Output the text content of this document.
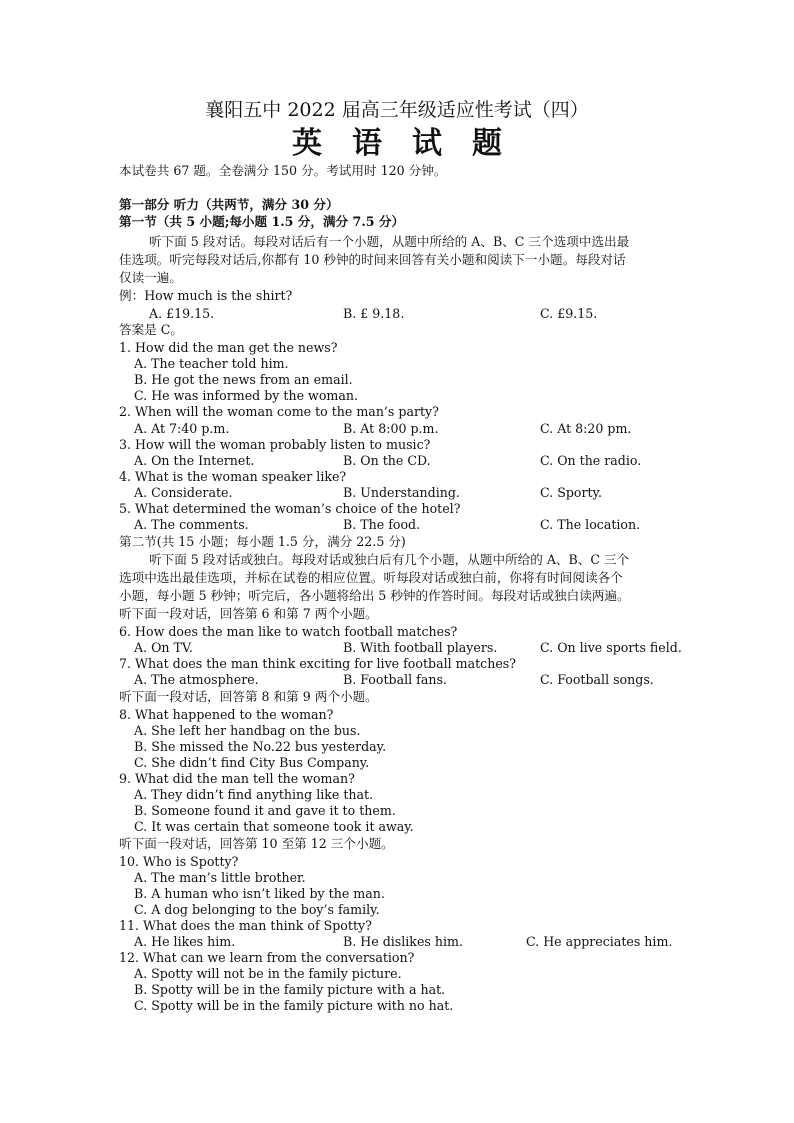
襄阳五中 2022 届高三年级适应性考试（四）
英语试题
本试卷共 67 题。全卷满分 150 分。考试用时 120 分钟。
第一部分 听力（共两节，满分 30 分）
第一节（共 5 小题;每小题 1.5 分，满分 7.5 分）
听下面 5 段对话。每段对话后有一个小题，从题中所给的 A、B、C 三个选项中选出最
佳选项。听完每段对话后,你都有 10 秒钟的时间来回答有关小题和阅读下一小题。每段对话
仅读一遍。
例：How much is the shirt?
A. £19.15.	B. £ 9.18.	C. £9.15.
答案是 C。
1. How did the man get the news?
A. The teacher told him.
B. He got the news from an email.
C. He was informed by the woman.
2. When will the woman come to the man’s party?
A. At 7:40 p.m.	B. At 8:00 p.m.	C. At 8:20 pm.
3. How will the woman probably listen to music?
A. On the Internet.	B. On the CD.	C. On the radio.
4. What is the woman speaker like?
A. Considerate.	B. Understanding.	C. Sporty.
5. What determined the woman’s choice of the hotel?
A. The comments.	B. The food.	C. The location.
第二节(共 15 小题；每小题 1.5 分，满分 22.5 分)
听下面 5 段对话或独白。每段对话或独白后有几个小题，从题中所给的 A、B、C 三个
选项中选出最佳选项，并标在试卷的相应位置。听每段对话或独白前，你将有时间阅读各个
小题，每小题 5 秒钟；听完后，各小题将给出 5 秒钟的作答时间。每段对话或独白读两遍。
听下面一段对话，回答第 6 和第 7 两个小题。
6. How does the man like to watch football matches?
A. On TV.	B. With football players.	C. On live sports field.
7. What does the man think exciting for live football matches?
A. The atmosphere.	B. Football fans.	C. Football songs.
听下面一段对话，回答第 8 和第 9 两个小题。
8. What happened to the woman?
A. She left her handbag on the bus.
B. She missed the No.22 bus yesterday.
C. She didn’t find City Bus Company.
9. What did the man tell the woman?
A. They didn’t find anything like that.
B. Someone found it and gave it to them.
C. It was certain that someone took it away.
听下面一段对话，回答第 10 至第 12 三个小题。
10. Who is Spotty?
A. The man’s little brother.
B. A human who isn’t liked by the man.
C. A dog belonging to the boy’s family.
11. What does the man think of Spotty?
A. He likes him.	B. He dislikes him.	C. He appreciates him.
12. What can we learn from the conversation?
A. Spotty will not be in the family picture.
B. Spotty will be in the family picture with a hat.
C. Spotty will be in the family picture with no hat.
